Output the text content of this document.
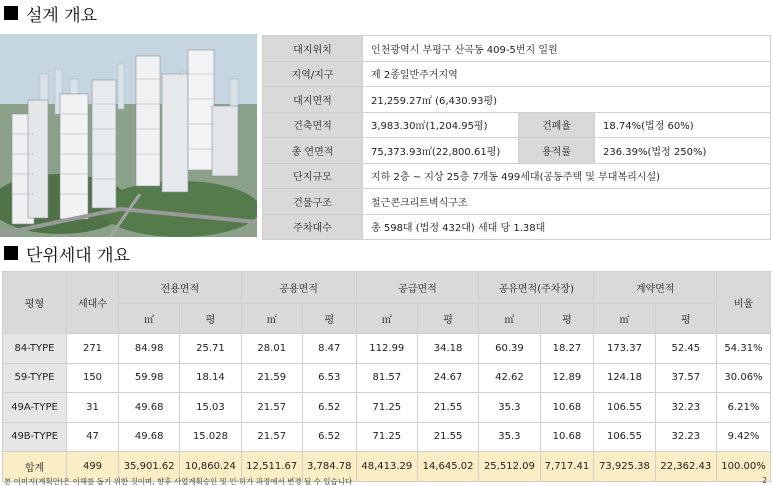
설계 개요
대지위치	인천광역시 부평구 산곡동 409-5번지 일원		
지역/지구	제 2종일반주거지역		
대지면적	21,259.27㎡ (6,430.93평)		
건축면적	3,983.30㎡(1,204.95평)	건폐율	18.74%(법정 60%)
총 연면적	75,373.93㎡(22,800.61평)	용적률	236.39%(법정 250%)
단지규모	지하 2층 ~ 지상 25층 7개동 499세대(공동주택 및 부대복리시설)		
건물구조	철근콘크리트벽식구조		
주차대수	총 598대 (법정 432대) 세대 당 1.38대		
단위세대 개요
평형	세대수	전용면적		공용면적		공급면적		공유면적(주차장)		계약면적		비율
		㎡	평	㎡	평	㎡	평	㎡	평	㎡	평	
84-TYPE	271	84.98	25.71	28.01	8.47	112.99	34.18	60.39	18.27	173.37	52.45	54.31%
59-TYPE	150	59.98	18.14	21.59	6.53	81.57	24.67	42.62	12.89	124.18	37.57	30.06%
49A-TYPE	31	49.68	15.03	21.57	6.52	71.25	21.55	35.3	10.68	106.55	32.23	6.21%
49B-TYPE	47	49.68	15.028	21.57	6.52	71.25	21.55	35.3	10.68	106.55	32.23	9.42%
합계	499	35,901.62	10,860.24	12,511.67	3,784.78	48,413.29	14,645.02	25,512.09	7,717.41	73,925.38	22,362.43	100.00%
본 이미지(계획안)은 이해를 돕기 위한 것이며, 향후 사업계획승인 및 인·허가 과정에서 변경 될 수 있습니다	2
